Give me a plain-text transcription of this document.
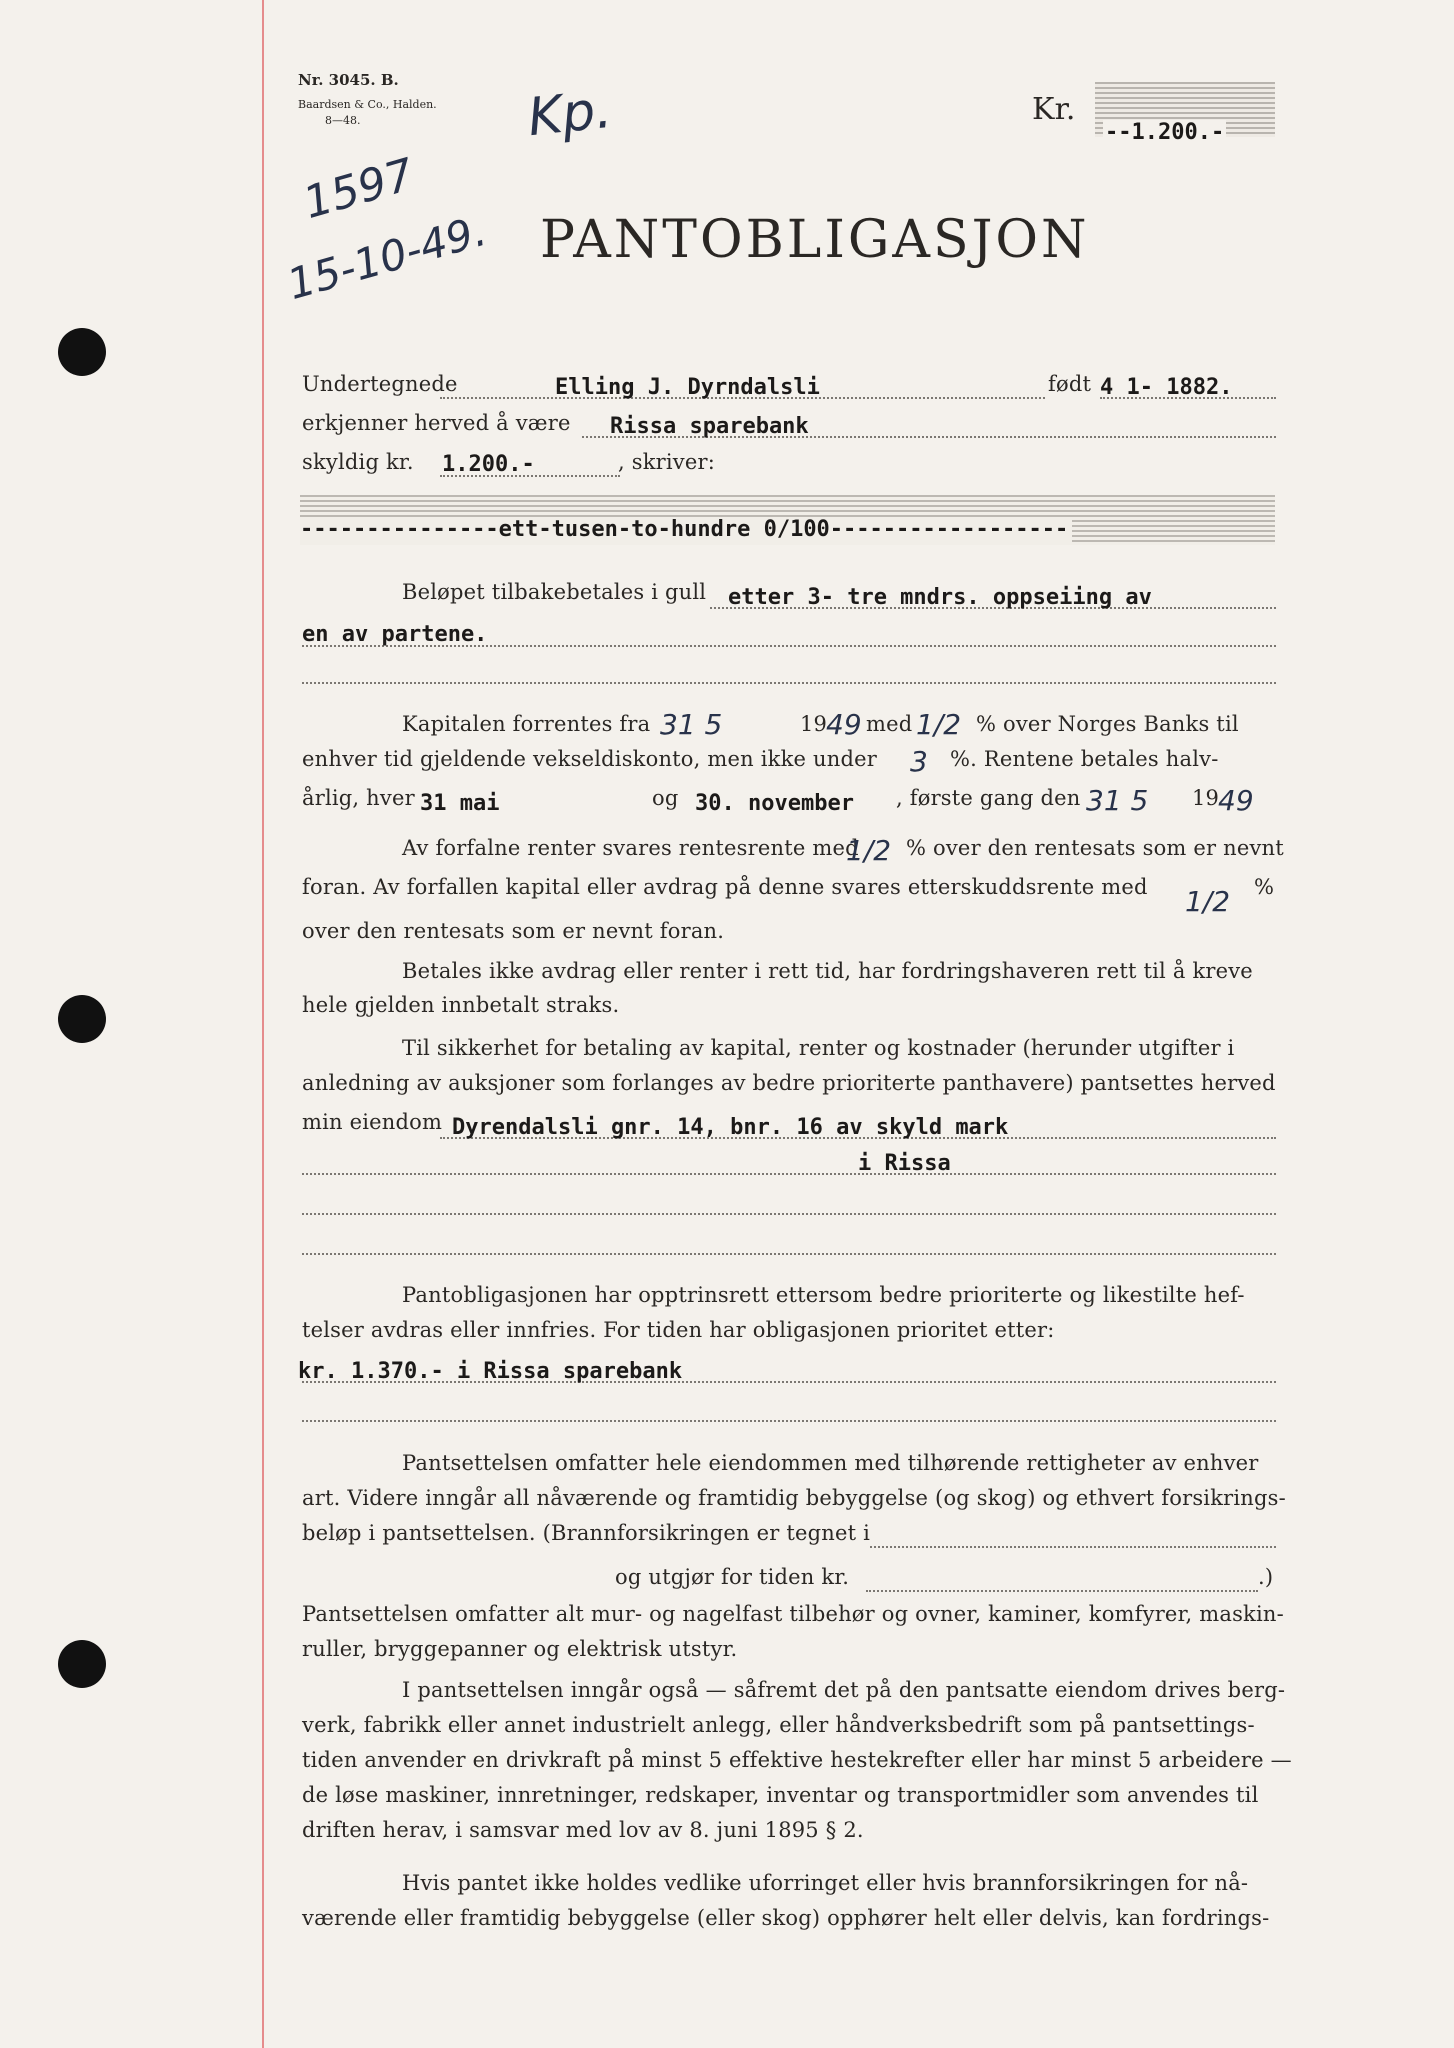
Nr. 3045. B.
Baardsen & Co., Halden.
8—48.	Kp.	Kr.
--1.200.-
1597
15-10-49. PANTOBLIGASJON
Undertegnede	Elling J. Dyrndalsli	født 4 1- 1882.
erkjenner herved å være Rissa sparebank
skyldig kr. 1.200.-	, skriver:
---------------ett-tusen-to-hundre 0/100------------------
Beløpet tilbakebetales i gull etter 3- tre mndrs. oppseiing av
en av partene.
Kapitalen forrentes fra 31 5	19
49 med 1/2 % over Norges Banks til
enhver tid gjeldende vekseldiskonto, men ikke under 3 %. Rentene betales halv-
årlig, hver 31 mai	og 30. november , første gang den 31 5 19
49
Av forfalne renter svares rentesrente med
1/2 % over den rentesats som er nevnt
foran. Av forfallen kapital eller avdrag på denne svares etterskuddsrente med 1/2 %
over den rentesats som er nevnt foran.
Betales ikke avdrag eller renter i rett tid, har fordringshaveren rett til å kreve
hele gjelden innbetalt straks.
Til sikkerhet for betaling av kapital, renter og kostnader (herunder utgifter i
anledning av auksjoner som forlanges av bedre prioriterte panthavere) pantsettes herved
min eiendom Dyrendalsli gnr. 14, bnr. 16 av skyld mark
i Rissa
Pantobligasjonen har opptrinsrett ettersom bedre prioriterte og likestilte hef-
telser avdras eller innfries. For tiden har obligasjonen prioritet etter:
kr. 1.370.- i Rissa sparebank
Pantsettelsen omfatter hele eiendommen med tilhørende rettigheter av enhver
art. Videre inngår all nåværende og framtidig bebyggelse (og skog) og ethvert forsikrings-
beløp i pantsettelsen. (Brannforsikringen er tegnet i
og utgjør for tiden kr.	.)
Pantsettelsen omfatter alt mur- og nagelfast tilbehør og ovner, kaminer, komfyrer, maskin-
ruller, bryggepanner og elektrisk utstyr.
I pantsettelsen inngår også — såfremt det på den pantsatte eiendom drives berg-
verk, fabrikk eller annet industrielt anlegg, eller håndverksbedrift som på pantsettings-
tiden anvender en drivkraft på minst 5 effektive hestekrefter eller har minst 5 arbeidere —
de løse maskiner, innretninger, redskaper, inventar og transportmidler som anvendes til
driften herav, i samsvar med lov av 8. juni 1895 § 2.
Hvis pantet ikke holdes vedlike uforringet eller hvis brannforsikringen for nå-
værende eller framtidig bebyggelse (eller skog) opphører helt eller delvis, kan fordrings-
